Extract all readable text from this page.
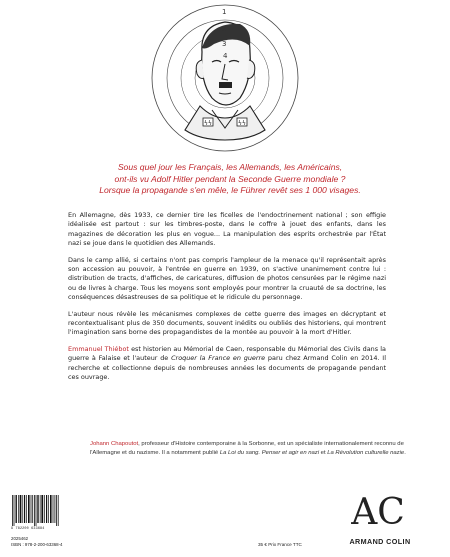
1
2
3
4
ϟϟ	ϟϟ
Sous quel jour les Français, les Allemands, les Américains,
ont-ils vu Adolf Hitler pendant la Seconde Guerre mondiale ?
Lorsque la propagande s'en mêle, le Führer revêt ses 1 000 visages.

En Allemagne, dès 1933, ce dernier tire les ficelles de l'endoctrinement national ; son effigie idéalisée est partout : sur les timbres-poste, dans le coffre à jouet des enfants, dans les magazines de décoration les plus en vogue... La manipulation des esprits orchestrée par l'État nazi se joue dans le quotidien des Allemands.

Dans le camp allié, si certains n'ont pas compris l'ampleur de la menace qu'il représentait après son accession au pouvoir, à l'entrée en guerre en 1939, on s'active unanimement contre lui : distribution de tracts, d'affiches, de caricatures, diffusion de photos censurées par le régime nazi ou de livres à charge. Tous les moyens sont employés pour montrer la cruauté de sa doctrine, les conséquences désastreuses de sa politique et le ridicule du personnage.

L'auteur nous révèle les mécanismes complexes de cette guerre des images en décryptant et recontextualisant plus de 350 documents, souvent inédits ou oubliés des historiens, qui montrent l'imagination sans borne des propagandistes de la montée au pouvoir à la mort d'Hitler.

Emmanuel Thiébot est historien au Mémorial de Caen, responsable du Mémorial des Civils dans la guerre à Falaise et l'auteur de Croquer la France en guerre paru chez Armand Colin en 2014. Il recherche et collectionne depuis de nombreuses années les documents de propagande pendant ces ouvrage.

Johann Chapoutot, professeur d'Histoire contemporaine à la Sorbonne, est un spécialiste internationalement reconnu de l'Allemagne et du nazisme. Il a notamment publié La Loi du sang. Penser et agir en nazi et La Révolution culturelle nazie.
9 782200 633684
2025462
ISBN : 978-2-200-63368-4	35 € Prix France TTC
AC
ARMAND COLIN
